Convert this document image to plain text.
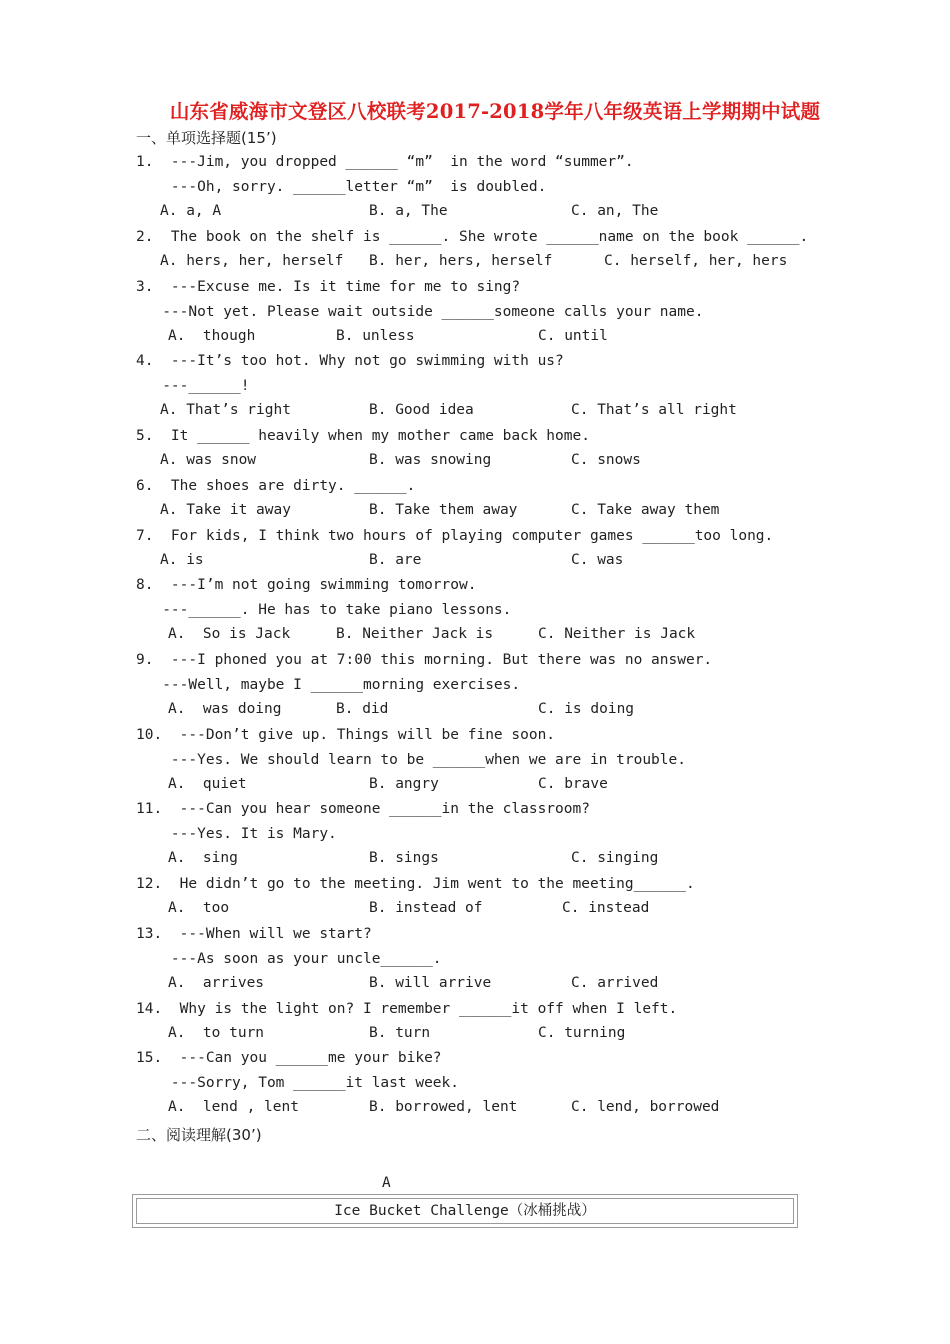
山东省威海市文登区八校联考2017-2018学年八年级英语上学期期中试题
一、单项选择题(15’)
1.  ---Jim, you dropped ______ “m”  in the word “summer”.
---Oh, sorry. ______letter “m”  is doubled.
A. a, A	B. a, The	C. an, The
2.  The book on the shelf is ______. She wrote ______name on the book ______.
A. hers, her, herself B. her, hers, herself	C. herself, her, hers
3.  ---Excuse me. Is it time for me to sing?
---Not yet. Please wait outside ______someone calls your name.
A.  though	B. unless	C. until
4.  ---It’s too hot. Why not go swimming with us?
---______!
A. That’s right	B. Good idea	C. That’s all right
5.  It ______ heavily when my mother came back home.
A. was snow	B. was snowing	C. snows
6.  The shoes are dirty. ______.
A. Take it away	B. Take them away	C. Take away them
7.  For kids, I think two hours of playing computer games ______too long.
A. is	B. are	C. was
8.  ---I’m not going swimming tomorrow.
---______. He has to take piano lessons.
A.  So is Jack	B. Neither Jack is	C. Neither is Jack
9.  ---I phoned you at 7:00 this morning. But there was no answer.
---Well, maybe I ______morning exercises.
A.  was doing	B. did	C. is doing
10.  ---Don’t give up. Things will be fine soon.
---Yes. We should learn to be ______when we are in trouble.
A.  quiet	B. angry	C. brave
11.  ---Can you hear someone ______in the classroom?
---Yes. It is Mary.
A.  sing	B. sings	C. singing
12.  He didn’t go to the meeting. Jim went to the meeting______.
A.  too	B. instead of	C. instead
13.  ---When will we start?
---As soon as your uncle______.
A.  arrives	B. will arrive	C. arrived
14.  Why is the light on? I remember ______it off when I left.
A.  to turn	B. turn	C. turning
15.  ---Can you ______me your bike?
---Sorry, Tom ______it last week.
A.  lend , lent	B. borrowed, lent	C. lend, borrowed
二、阅读理解(30’)
A
Ice Bucket Challenge（冰桶挑战）
